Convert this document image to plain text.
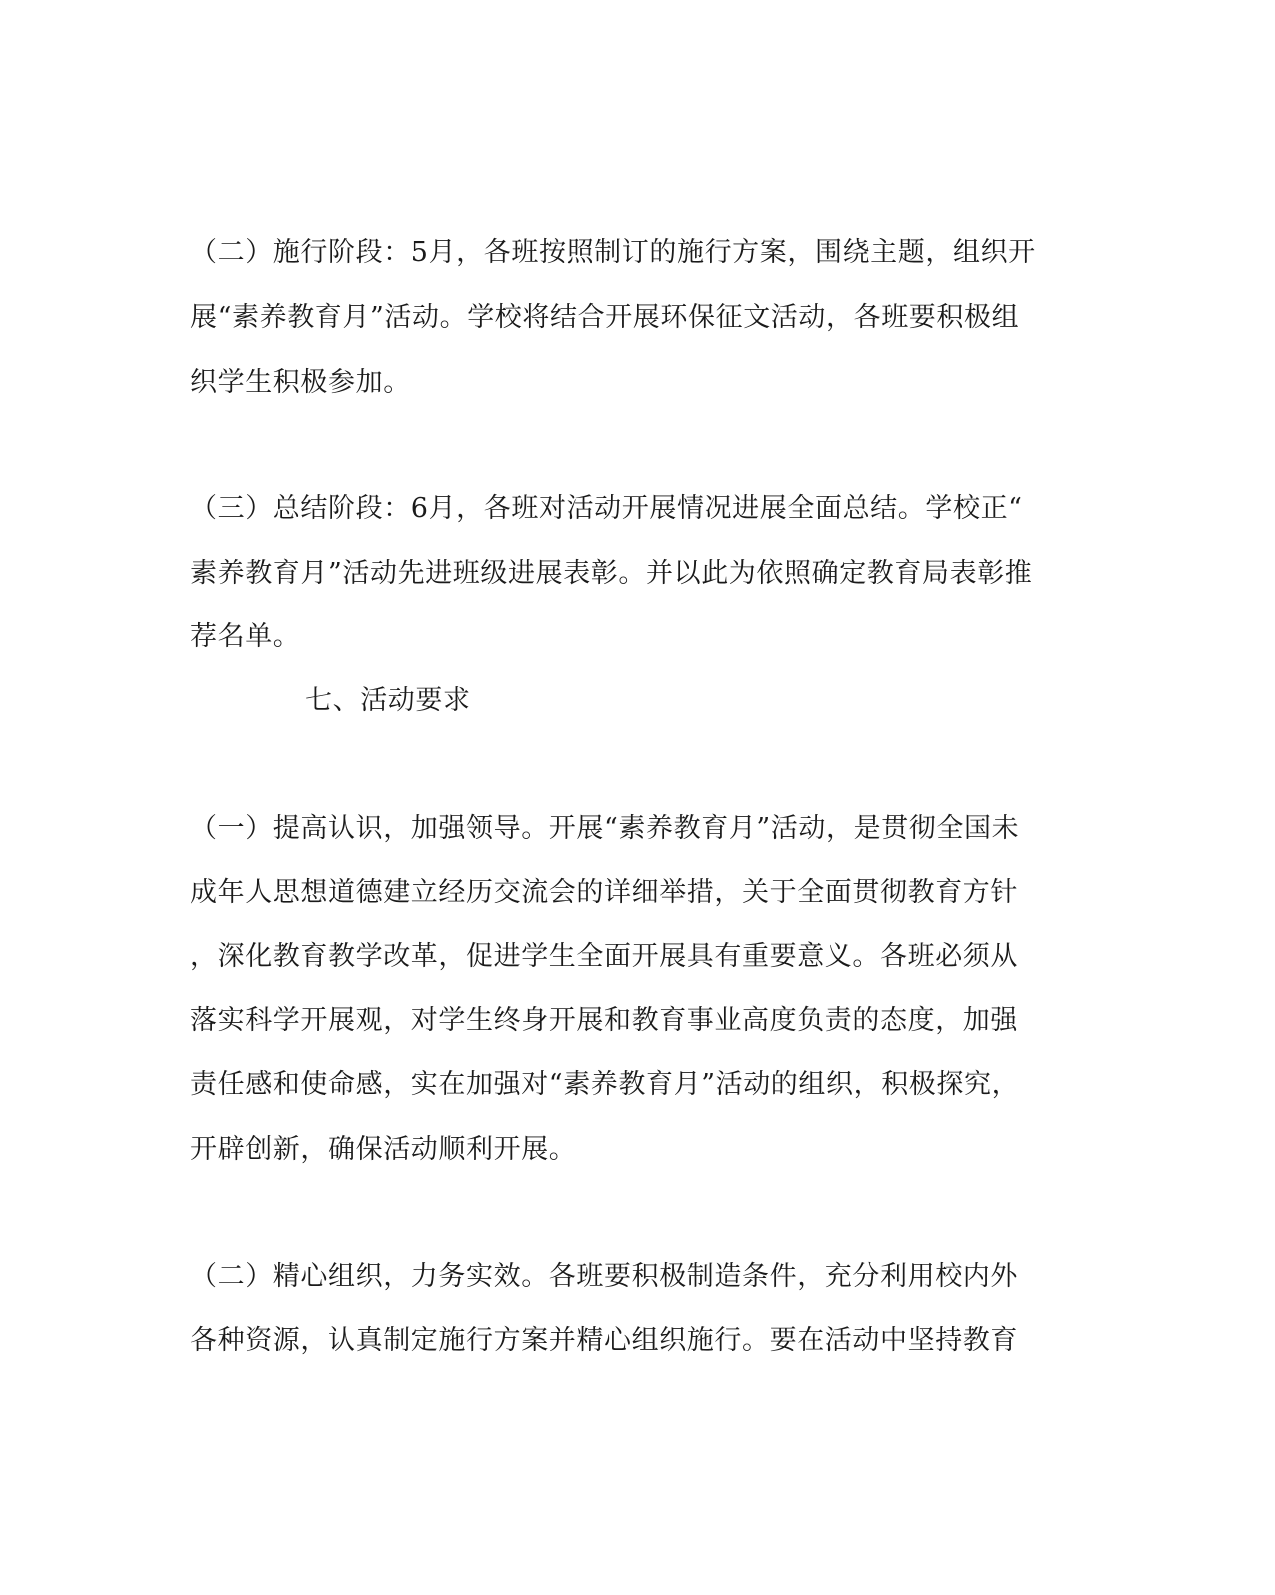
（二）施行阶段：5月，各班按照制订的施行方案，围绕主题，组织开
展“素养教育月”活动。学校将结合开展环保征文活动，各班要积极组
织学生积极参加。
（三）总结阶段：6月，各班对活动开展情况进展全面总结。学校正“
素养教育月”活动先进班级进展表彰。并以此为依照确定教育局表彰推
荐名单。
七、活动要求
（一）提高认识，加强领导。开展“素养教育月”活动，是贯彻全国未
成年人思想道德建立经历交流会的详细举措，关于全面贯彻教育方针
，深化教育教学改革，促进学生全面开展具有重要意义。各班必须从
落实科学开展观，对学生终身开展和教育事业高度负责的态度，加强
责任感和使命感，实在加强对“素养教育月”活动的组织，积极探究，
开辟创新，确保活动顺利开展。
（二）精心组织，力务实效。各班要积极制造条件，充分利用校内外
各种资源，认真制定施行方案并精心组织施行。要在活动中坚持教育
